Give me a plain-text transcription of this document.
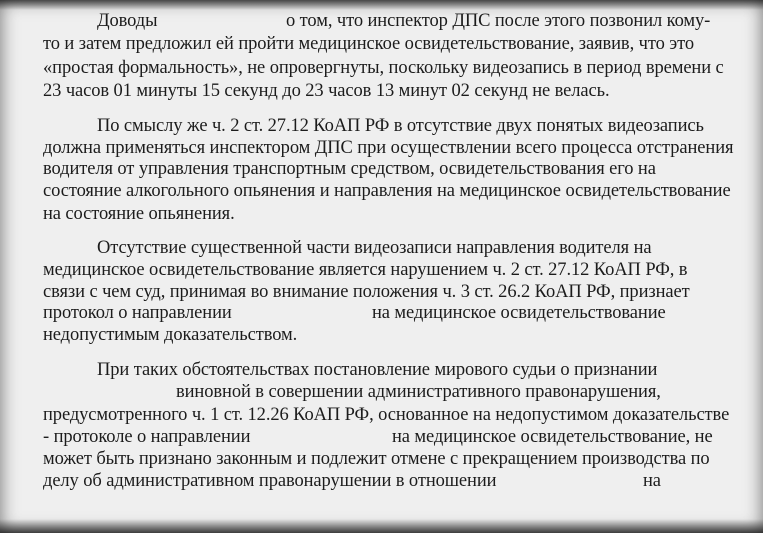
Доводы	о том, что инспектор ДПС после этого позвонил кому-
то и затем предложил ей пройти медицинское освидетельствование, заявив, что это
«простая формальность», не опровергнуты, поскольку видеозапись в период времени с
23 часов 01 минуты 15 секунд до 23 часов 13 минут 02 секунд не велась.
По смыслу же ч. 2 ст. 27.12 КоАП РФ в отсутствие двух понятых видеозапись
должна применяться инспектором ДПС при осуществлении всего процесса отстранения
водителя от управления транспортным средством, освидетельствования его на
состояние алкогольного опьянения и направления на медицинское освидетельствование
на состояние опьянения.
Отсутствие существенной части видеозаписи направления водителя на
медицинское освидетельствование является нарушением ч. 2 ст. 27.12 КоАП РФ, в
связи с чем суд, принимая во внимание положения ч. 3 ст. 26.2 КоАП РФ, признает
протокол о направлении	на медицинское освидетельствование
недопустимым доказательством.
При таких обстоятельствах постановление мирового судьи о признании
виновной в совершении административного правонарушения,
предусмотренного ч. 1 ст. 12.26 КоАП РФ, основанное на недопустимом доказательстве
- протоколе о направлении	на медицинское освидетельствование, не
может быть признано законным и подлежит отмене с прекращением производства по
делу об административном правонарушении в отношении	на
